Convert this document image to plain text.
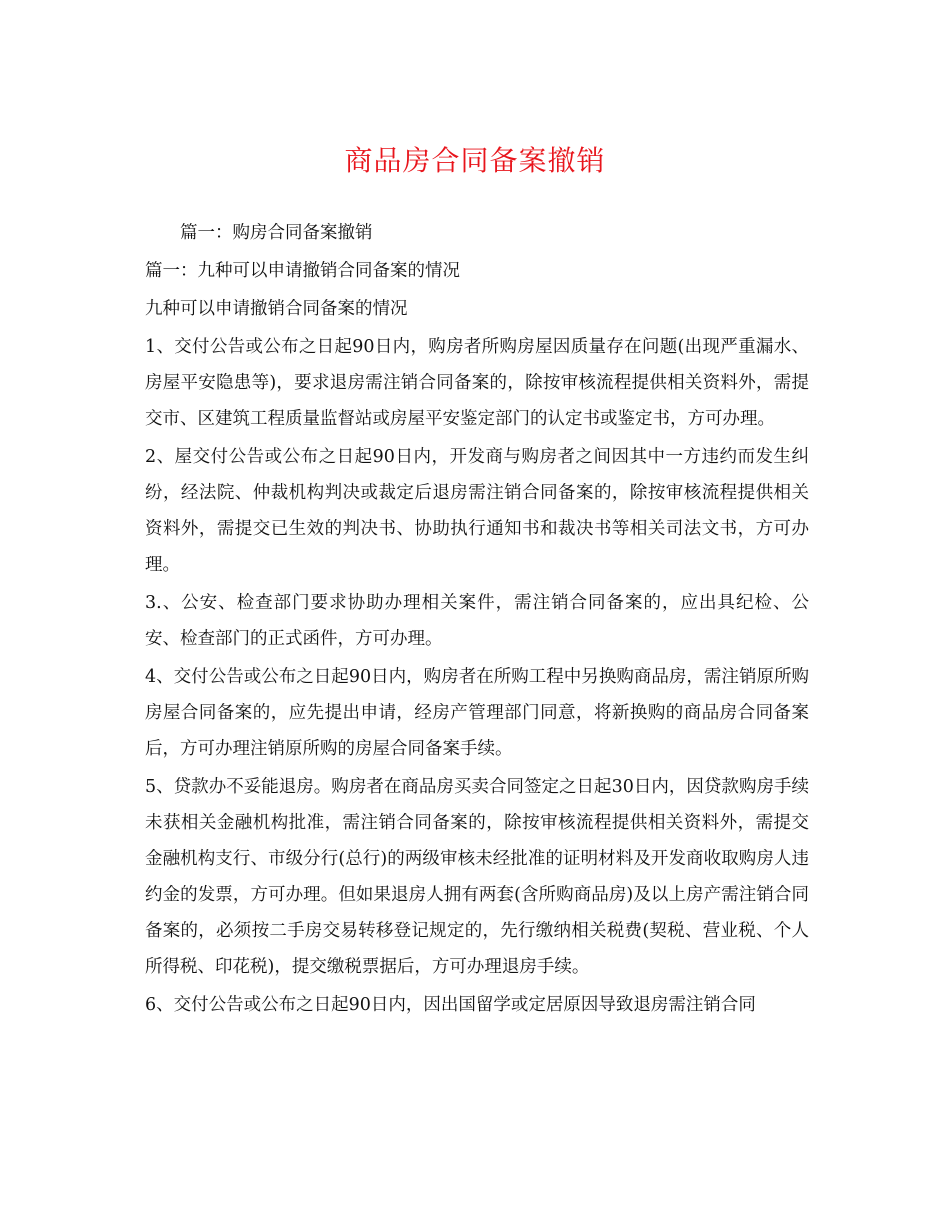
商品房合同备案撤销

篇一：购房合同备案撤销

篇一：九种可以申请撤销合同备案的情况

九种可以申请撤销合同备案的情况

1、交付公告或公布之日起90日内，购房者所购房屋因质量存在问题(出现严重漏水、房屋平安隐患等)，要求退房需注销合同备案的，除按审核流程提供相关资料外，需提交市、区建筑工程质量监督站或房屋平安鉴定部门的认定书或鉴定书，方可办理。

2、屋交付公告或公布之日起90日内，开发商与购房者之间因其中一方违约而发生纠纷，经法院、仲裁机构判决或裁定后退房需注销合同备案的，除按审核流程提供相关资料外，需提交已生效的判决书、协助执行通知书和裁决书等相关司法文书，方可办理。

3.、公安、检查部门要求协助办理相关案件，需注销合同备案的，应出具纪检、公安、检查部门的正式函件，方可办理。

4、交付公告或公布之日起90日内，购房者在所购工程中另换购商品房，需注销原所购房屋合同备案的，应先提出申请，经房产管理部门同意，将新换购的商品房合同备案后，方可办理注销原所购的房屋合同备案手续。

5、贷款办不妥能退房。购房者在商品房买卖合同签定之日起30日内，因贷款购房手续未获相关金融机构批准，需注销合同备案的，除按审核流程提供相关资料外，需提交金融机构支行、市级分行(总行)的两级审核未经批准的证明材料及开发商收取购房人违约金的发票，方可办理。但如果退房人拥有两套(含所购商品房)及以上房产需注销合同备案的，必须按二手房交易转移登记规定的，先行缴纳相关税费(契税、营业税、个人所得税、印花税)，提交缴税票据后，方可办理退房手续。

6、交付公告或公布之日起90日内，因出国留学或定居原因导致退房需注销合同
